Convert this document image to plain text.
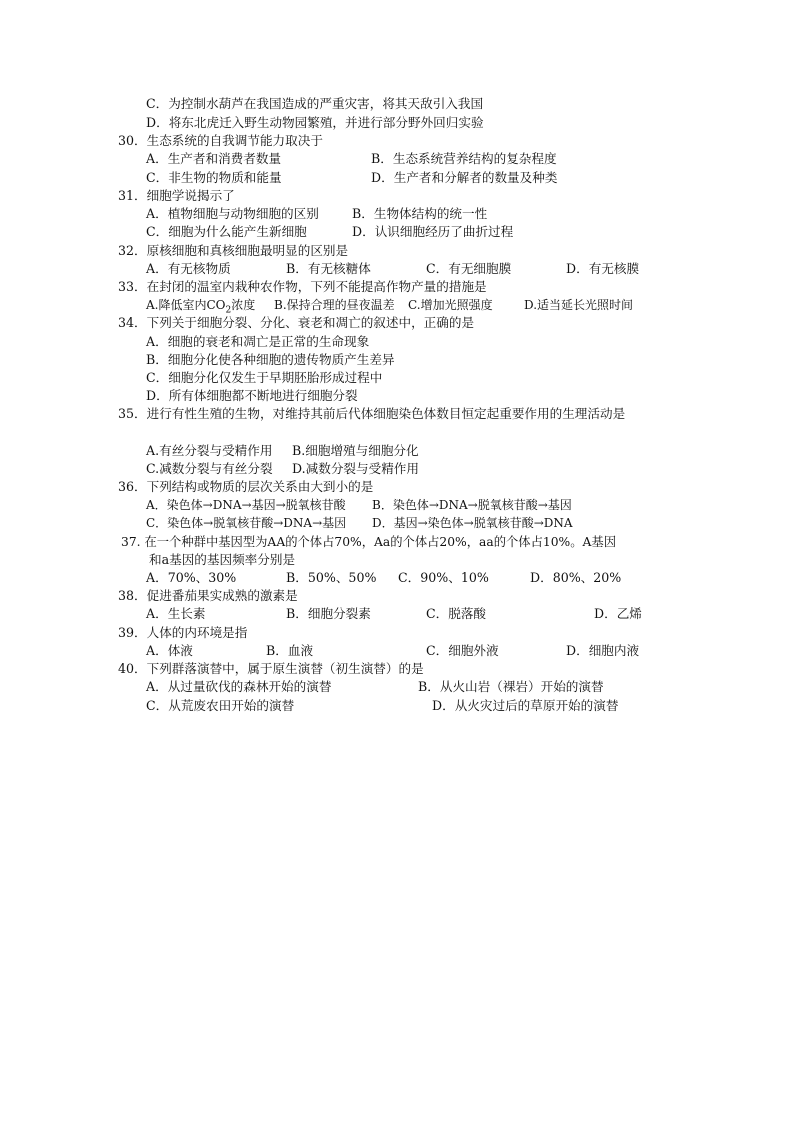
C．为控制水葫芦在我国造成的严重灾害，将其天敌引入我国
D．将东北虎迁入野生动物园繁殖，并进行部分野外回归实验
30．生态系统的自我调节能力取决于
A．生产者和消费者数量	B．生态系统营养结构的复杂程度
C．非生物的物质和能量	D．生产者和分解者的数量及种类
31．细胞学说揭示了
A．植物细胞与动物细胞的区别	B．生物体结构的统一性
C．细胞为什么能产生新细胞	D．认识细胞经历了曲折过程
32．原核细胞和真核细胞最明显的区别是
A．有无核物质	B．有无核糖体	C．有无细胞膜	D．有无核膜
33．在封闭的温室内栽种农作物，下列不能提高作物产量的措施是
A.降低室内$CO_2$浓度 B.保持合理的昼夜温差 C.增加光照强度	D.适当延长光照时间
34．下列关于细胞分裂、分化、衰老和凋亡的叙述中，正确的是
A．细胞的衰老和凋亡是正常的生命现象
B．细胞分化使各种细胞的遗传物质产生差异
C．细胞分化仅发生于早期胚胎形成过程中
D．所有体细胞都不断地进行细胞分裂
35．进行有性生殖的生物，对维持其前后代体细胞染色体数目恒定起重要作用的生理活动是
A.有丝分裂与受精作用 B.细胞增殖与细胞分化
C.减数分裂与有丝分裂 D.减数分裂与受精作用
36．下列结构或物质的层次关系由大到小的是
A．染色体→DNA→基因→脱氧核苷酸 B．染色体→DNA→脱氧核苷酸→基因
C．染色体→脱氧核苷酸→DNA→基因 D．基因→染色体→脱氧核苷酸→DNA
37. 在一个种群中基因型为AA的个体占70%，Aa的个体占20%，aa的个体占10%。A基因
和a基因的基因频率分别是
A．70%、30%	B．50%、50% C．90%、10%	D．80%、20%
38．促进番茄果实成熟的激素是
A．生长素	B．细胞分裂素	C．脱落酸	D．乙烯
39．人体的内环境是指
A．体液	B．血液	C．细胞外液	D．细胞内液
40．下列群落演替中，属于原生演替（初生演替）的是
A．从过量砍伐的森林开始的演替	B．从火山岩（裸岩）开始的演替
C．从荒废农田开始的演替	D．从火灾过后的草原开始的演替
